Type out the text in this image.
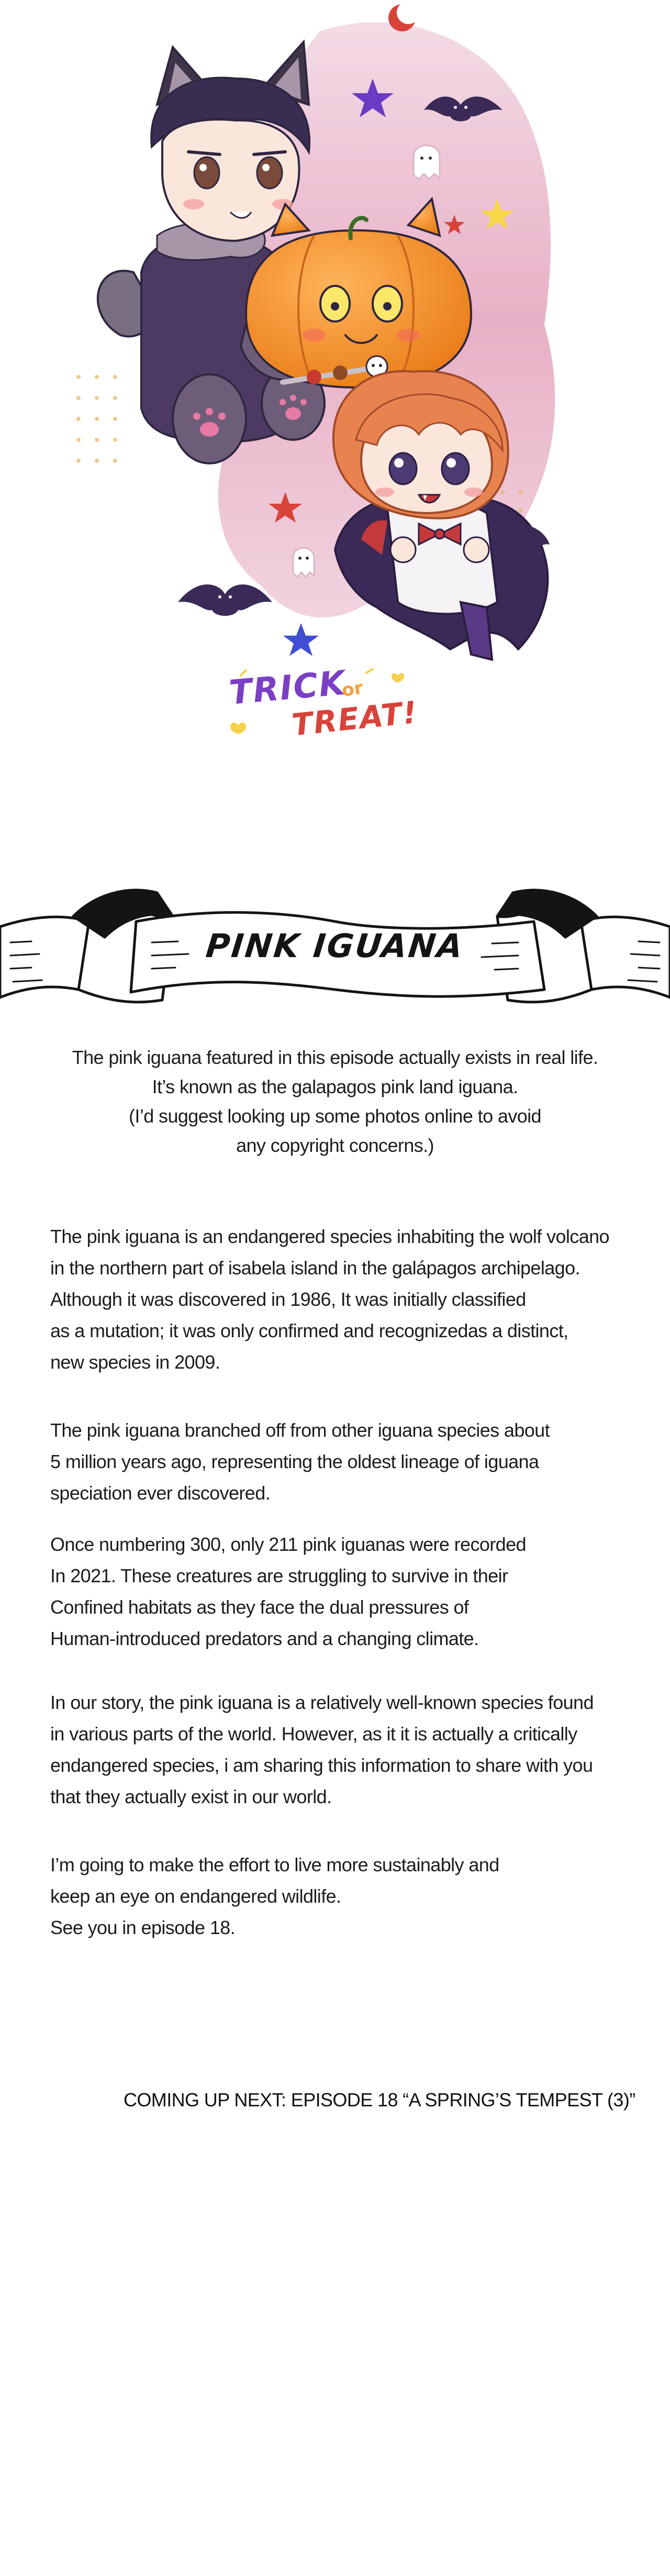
TRICK
or
TREAT!
PINK IGUANA

The pink iguana featured in this episode actually exists in real life.

It’s known as the galapagos pink land iguana.

(I’d suggest looking up some photos online to avoid

any copyright concerns.)

The pink iguana is an endangered species inhabiting the wolf volcano

in the northern part of isabela island in the galápagos archipelago.

Although it was discovered in 1986, It was initially classified

as a mutation; it was only confirmed and recognizedas a distinct,

new species in 2009.

The pink iguana branched off from other iguana species about

5 million years ago, representing the oldest lineage of iguana

speciation ever discovered.

Once numbering 300, only 211 pink iguanas were recorded

In 2021. These creatures are struggling to survive in their

Confined habitats as they face the dual pressures of

Human-introduced predators and a changing climate.

In our story, the pink iguana is a relatively well-known species found

in various parts of the world. However, as it it is actually a critically

endangered species, i am sharing this information to share with you

that they actually exist in our world.

I’m going to make the effort to live more sustainably and

keep an eye on endangered wildlife.

See you in episode 18.

COMING UP NEXT: EPISODE 18 “A SPRING’S TEMPEST (3)”
